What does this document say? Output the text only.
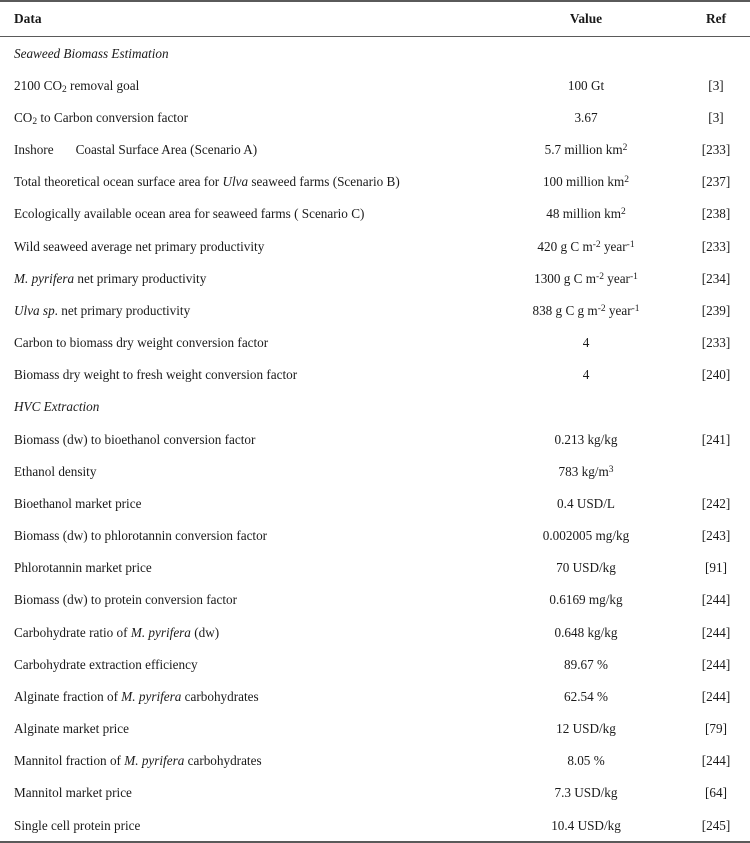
Data	Value	Ref
Seaweed Biomass Estimation		
2100 $CO_2$ removal goal	100 Gt	[3]
$CO_2$ to Carbon conversion factor	3.67	[3]
Inshore Coastal Surface Area (Scenario A)	5.7 million $km^2$	[233]
Total theoretical ocean surface area for Ulva seaweed farms (Scenario B)	100 million $km^2$	[237]
Ecologically available ocean area for seaweed farms ( Scenario C)	48 million $km^2$	[238]
Wild seaweed average net primary productivity	420 g C $m^{-2}$ year$^{-1}$	[233]
M. pyrifera net primary productivity	1300 g C $m^{-2}$ year$^{-1}$	[234]
Ulva sp. net primary productivity	838 g C g $m^{-2}$ year$^{-1}$	[239]
Carbon to biomass dry weight conversion factor	4	[233]
Biomass dry weight to fresh weight conversion factor	4	[240]
HVC Extraction		
Biomass (dw) to bioethanol conversion factor	0.213 kg/kg	[241]
Ethanol density	783 $kg/m^3$	
Bioethanol market price	0.4 USD/L	[242]
Biomass (dw) to phlorotannin conversion factor	0.002005 mg/kg	[243]
Phlorotannin market price	70 USD/kg	[91]
Biomass (dw) to protein conversion factor	0.6169 mg/kg	[244]
Carbohydrate ratio of M. pyrifera (dw)	0.648 kg/kg	[244]
Carbohydrate extraction efficiency	89.67 %	[244]
Alginate fraction of M. pyrifera carbohydrates	62.54 %	[244]
Alginate market price	12 USD/kg	[79]
Mannitol fraction of M. pyrifera carbohydrates	8.05 %	[244]
Mannitol market price	7.3 USD/kg	[64]
Single cell protein price	10.4 USD/kg	[245]
